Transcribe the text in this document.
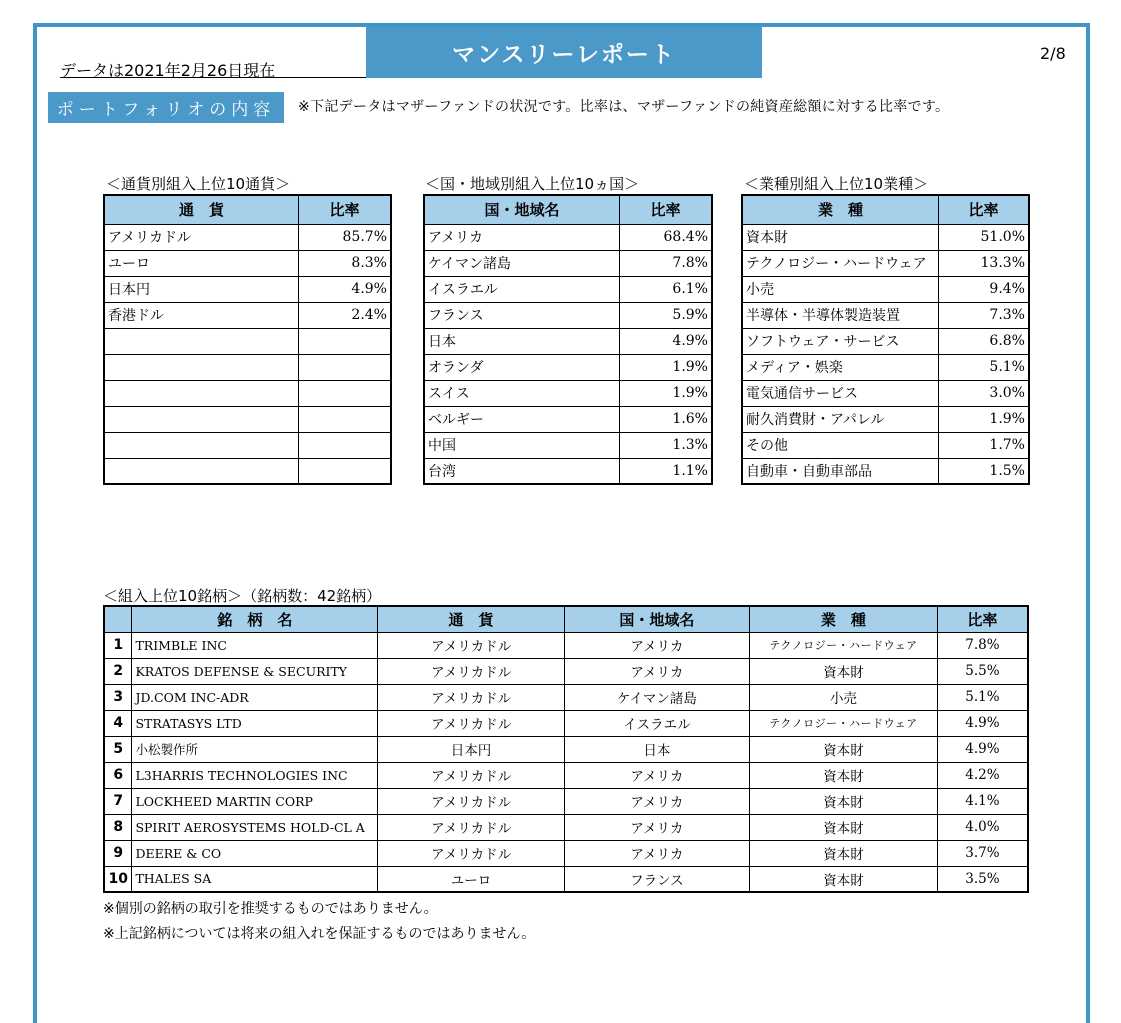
データは2021年2月26日現在
マンスリーレポート	2/8
ポートフォリオの内容	※下記データはマザーファンドの状況です。比率は、マザーファンドの純資産総額に対する比率です。
＜通貨別組入上位10通貨＞
通　貨	比率
アメリカドル	85.7%
ユーロ	8.3%
日本円	4.9%
香港ドル	2.4%

＜国・地域別組入上位10ヵ国＞
国・地域名	比率
アメリカ	68.4%
ケイマン諸島	7.8%
イスラエル	6.1%
フランス	5.9%
日本	4.9%
オランダ	1.9%
スイス	1.9%
ベルギー	1.6%
中国	1.3%
台湾	1.1%
＜業種別組入上位10業種＞
業　種	比率
資本財	51.0%
テクノロジー・ハードウェア	13.3%
小売	9.4%
半導体・半導体製造装置	7.3%
ソフトウェア・サービス	6.8%
メディア・娯楽	5.1%
電気通信サービス	3.0%
耐久消費財・アパレル	1.9%
その他	1.7%
自動車・自動車部品	1.5%
＜組入上位10銘柄＞（銘柄数：42銘柄）
	銘　柄　名	通　貨	国・地域名	業　種	比率
1	TRIMBLE INC	アメリカドル	アメリカ	テクノロジー・ハードウェア	7.8%
2	KRATOS DEFENSE & SECURITY	アメリカドル	アメリカ	資本財	5.5%
3	JD.COM INC-ADR	アメリカドル	ケイマン諸島	小売	5.1%
4	STRATASYS LTD	アメリカドル	イスラエル	テクノロジー・ハードウェア	4.9%
5	小松製作所	日本円	日本	資本財	4.9%
6	L3HARRIS TECHNOLOGIES INC	アメリカドル	アメリカ	資本財	4.2%
7	LOCKHEED MARTIN CORP	アメリカドル	アメリカ	資本財	4.1%
8	SPIRIT AEROSYSTEMS HOLD-CL A	アメリカドル	アメリカ	資本財	4.0%
9	DEERE & CO	アメリカドル	アメリカ	資本財	3.7%
10	THALES SA	ユーロ	フランス	資本財	3.5%
※個別の銘柄の取引を推奨するものではありません。
※上記銘柄については将来の組入れを保証するものではありません。
